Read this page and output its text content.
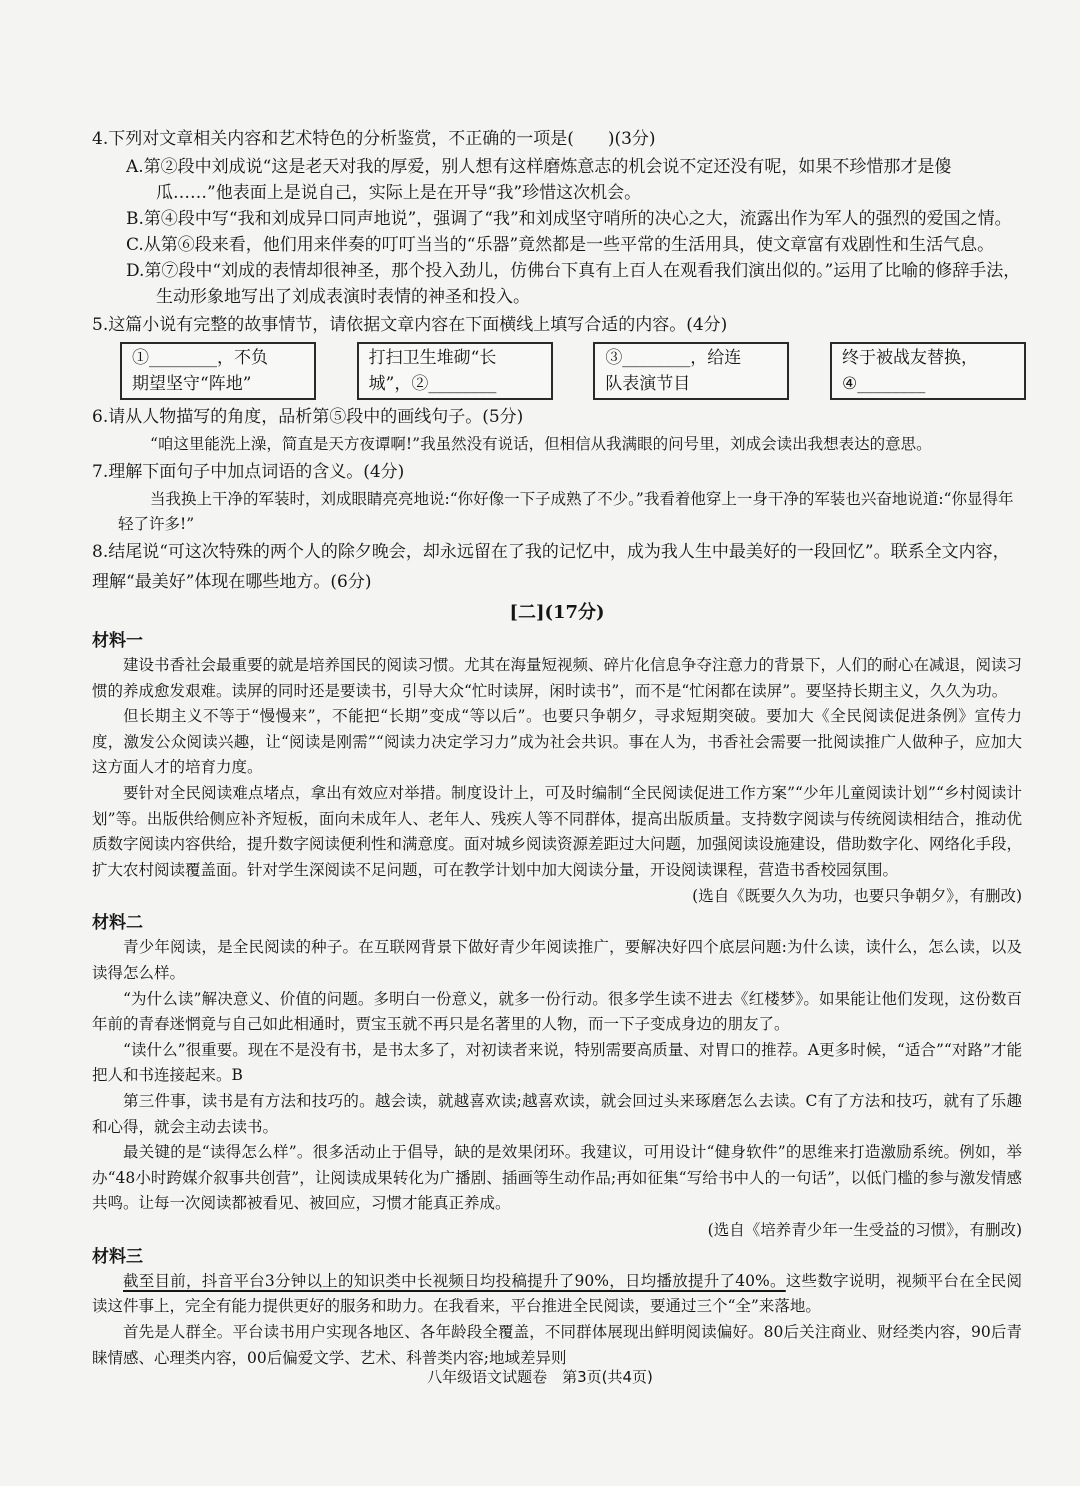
4.下列对文章相关内容和艺术特色的分析鉴赏，不正确的一项是(　　)(3分)

A.第②段中刘成说“这是老天对我的厚爱，别人想有这样磨炼意志的机会说不定还没有呢，如果不珍惜那才是傻瓜……”他表面上是说自己，实际上是在开导“我”珍惜这次机会。

B.第④段中写“我和刘成异口同声地说”，强调了“我”和刘成坚守哨所的决心之大，流露出作为军人的强烈的爱国之情。

C.从第⑥段来看，他们用来伴奏的叮叮当当的“乐器”竟然都是一些平常的生活用具，使文章富有戏剧性和生活气息。

D.第⑦段中“刘成的表情却很神圣，那个投入劲儿，仿佛台下真有上百人在观看我们演出似的。”运用了比喻的修辞手法，生动形象地写出了刘成表演时表情的神圣和投入。

5.这篇小说有完整的故事情节，请依据文章内容在下面横线上填写合适的内容。(4分)

①________，不负
期望坚守“阵地”
打扫卫生堆砌“长
城”，②________
③________，给连
队表演节目
终于被战友替换，
④________

6.请从人物描写的角度，品析第⑤段中的画线句子。(5分)

“咱这里能洗上澡，简直是天方夜谭啊!”我虽然没有说话，但相信从我满眼的问号里，刘成会读出我想表达的意思。

7.理解下面句子中加点词语的含义。(4分)

当我换上干净的军装时，刘成眼睛亮亮地说:“你好像一下子成熟了不少。”我看着他穿上一身干净的军装也兴奋地说道:“你显得年轻了许多!”

8.结尾说“可这次特殊的两个人的除夕晚会，却永远留在了我的记忆中，成为我人生中最美好的一段回忆”。联系全文内容，理解“最美好”体现在哪些地方。(6分)

[二](17分)

材料一

建设书香社会最重要的就是培养国民的阅读习惯。尤其在海量短视频、碎片化信息争夺注意力的背景下，人们的耐心在减退，阅读习惯的养成愈发艰难。读屏的同时还是要读书，引导大众“忙时读屏，闲时读书”，而不是“忙闲都在读屏”。要坚持长期主义，久久为功。

但长期主义不等于“慢慢来”，不能把“长期”变成“等以后”。也要只争朝夕，寻求短期突破。要加大《全民阅读促进条例》宣传力度，激发公众阅读兴趣，让“阅读是刚需”“阅读力决定学习力”成为社会共识。事在人为，书香社会需要一批阅读推广人做种子，应加大这方面人才的培育力度。

要针对全民阅读难点堵点，拿出有效应对举措。制度设计上，可及时编制“全民阅读促进工作方案”“少年儿童阅读计划”“乡村阅读计划”等。出版供给侧应补齐短板，面向未成年人、老年人、残疾人等不同群体，提高出版质量。支持数字阅读与传统阅读相结合，推动优质数字阅读内容供给，提升数字阅读便利性和满意度。面对城乡阅读资源差距过大问题，加强阅读设施建设，借助数字化、网络化手段，扩大农村阅读覆盖面。针对学生深阅读不足问题，可在教学计划中加大阅读分量，开设阅读课程，营造书香校园氛围。

(选自《既要久久为功，也要只争朝夕》，有删改)

材料二

青少年阅读，是全民阅读的种子。在互联网背景下做好青少年阅读推广，要解决好四个底层问题:为什么读，读什么，怎么读，以及读得怎么样。

“为什么读”解决意义、价值的问题。多明白一份意义，就多一份行动。很多学生读不进去《红楼梦》。如果能让他们发现，这份数百年前的青春迷惘竟与自己如此相通时，贾宝玉就不再只是名著里的人物，而一下子变成身边的朋友了。

“读什么”很重要。现在不是没有书，是书太多了，对初读者来说，特别需要高质量、对胃口的推荐。A更多时候，“适合”“对路”才能把人和书连接起来。B

第三件事，读书是有方法和技巧的。越会读，就越喜欢读;越喜欢读，就会回过头来琢磨怎么去读。C有了方法和技巧，就有了乐趣和心得，就会主动去读书。

最关键的是“读得怎么样”。很多活动止于倡导，缺的是效果闭环。我建议，可用设计“健身软件”的思维来打造激励系统。例如，举办“48小时跨媒介叙事共创营”，让阅读成果转化为广播剧、插画等生动作品;再如征集“写给书中人的一句话”，以低门槛的参与激发情感共鸣。让每一次阅读都被看见、被回应，习惯才能真正养成。

(选自《培养青少年一生受益的习惯》，有删改)

材料三

截至目前，抖音平台3分钟以上的知识类中长视频日均投稿提升了90%，日均播放提升了40%。这些数字说明，视频平台在全民阅读这件事上，完全有能力提供更好的服务和助力。在我看来，平台推进全民阅读，要通过三个“全”来落地。

首先是人群全。平台读书用户实现各地区、各年龄段全覆盖，不同群体展现出鲜明阅读偏好。80后关注商业、财经类内容，90后青睐情感、心理类内容，00后偏爱文学、艺术、科普类内容;地域差异则

八年级语文试题卷　第3页(共4页)
